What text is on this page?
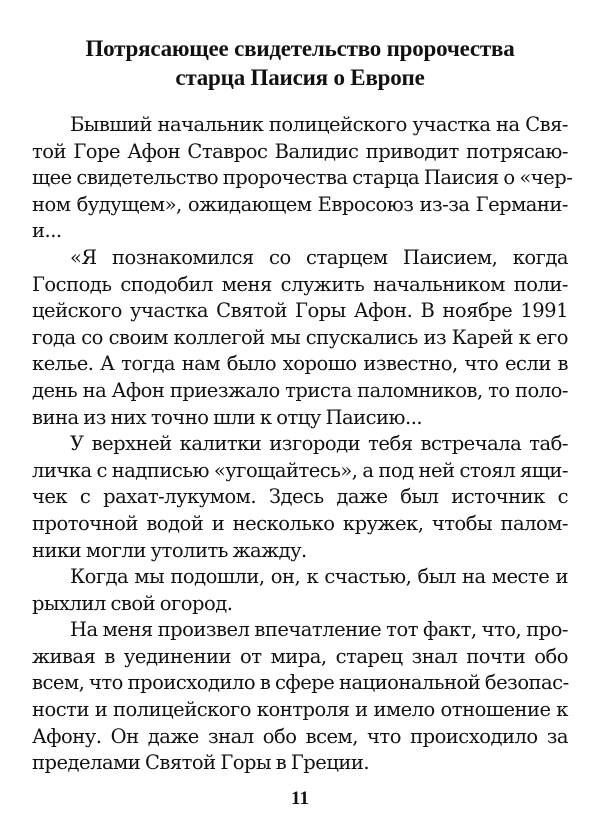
Потрясающее свидетельство пророчества
старца Паисия о Европе
Бывший начальник полицейского участка на Свя-
той Горе Афон Ставрос Валидис приводит потрясаю-
щее свидетельство пророчества старца Паисия о «чер-
ном будущем», ожидающем Евросоюз из-за Германи-
и...
«Я познакомился со старцем Паисием, когда
Господь сподобил меня служить начальником поли-
цейского участка Святой Горы Афон. В ноябре 1991
года со своим коллегой мы спускались из Карей к его
келье. А тогда нам было хорошо известно, что если в
день на Афон приезжало триста паломников, то поло-
вина из них точно шли к отцу Паисию...
У верхней калитки изгороди тебя встречала таб-
личка с надписью «угощайтесь», а под ней стоял ящи-
чек с рахат-лукумом. Здесь даже был источник с
проточной водой и несколько кружек, чтобы палом-
ники могли утолить жажду.
Когда мы подошли, он, к счастью, был на месте и
рыхлил свой огород.
На меня произвел впечатление тот факт, что, про-
живая в уединении от мира, старец знал почти обо
всем, что происходило в сфере национальной безопас-
ности и полицейского контроля и имело отношение к
Афону. Он даже знал обо всем, что происходило за
пределами Святой Горы в Греции.
11
